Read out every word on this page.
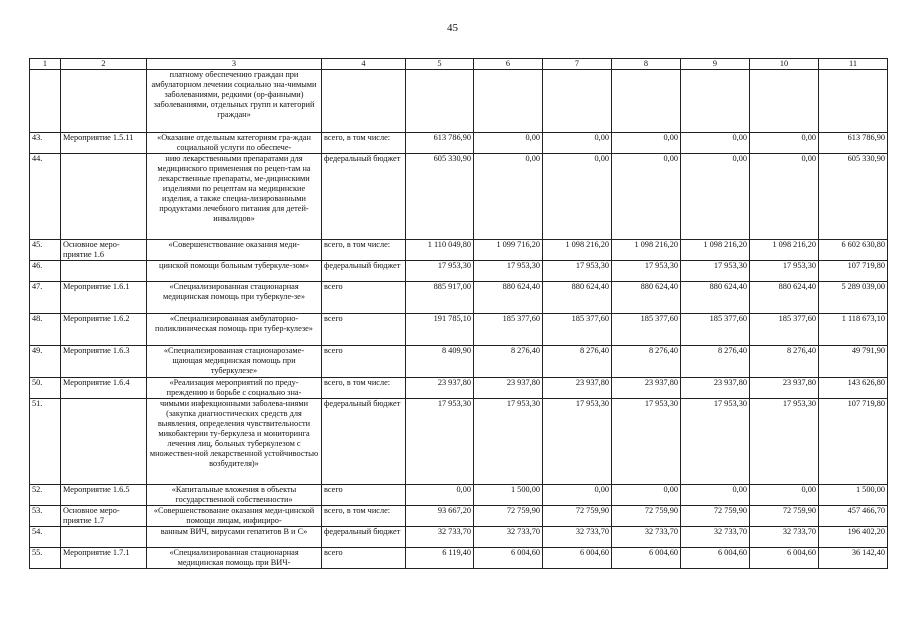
45
1	2	3	4	5	6	7	8	9	10	11
		платному обеспечению граждан при амбулаторном лечении социально зна-чимыми заболеваниями, редкими (ор-фанными) заболеваниями, отдельных групп и категорий граждан»								
43.	Мероприятие 1.5.11	«Оказание отдельным категориям гра-ждан социальной услуги по обеспече-	всего, в том числе:	613 786,90	0,00	0,00	0,00	0,00	0,00	613 786,90
44.		нию лекарственными препаратами для медицинского применения по рецеп-там на лекарственные препараты, ме-дицинскими изделиями по рецептам на медицинские изделия, а также специа-лизированными продуктами лечебного питания для детей-инвалидов»	федеральный бюджет	605 330,90	0,00	0,00	0,00	0,00	0,00	605 330,90
45.	Основное меро-приятие 1.6	«Совершенствование оказания меди-	всего, в том числе:	1 110 049,80	1 099 716,20	1 098 216,20	1 098 216,20	1 098 216,20	1 098 216,20	6 602 630,80
46.		цинской помощи больным туберкуле-зом»	федеральный бюджет	17 953,30	17 953,30	17 953,30	17 953,30	17 953,30	17 953,30	107 719,80
47.	Мероприятие 1.6.1	«Специализированная стационарная медицинская помощь при туберкуле-зе»	всего	885 917,00	880 624,40	880 624,40	880 624,40	880 624,40	880 624,40	5 289 039,00
48.	Мероприятие 1.6.2	«Специализированная амбулаторно-поликлиническая помощь при тубер-кулезе»	всего	191 785,10	185 377,60	185 377,60	185 377,60	185 377,60	185 377,60	1 118 673,10
49.	Мероприятие 1.6.3	«Специализированная стационарозаме-щающая медицинская помощь при туберкулезе»	всего	8 409,90	8 276,40	8 276,40	8 276,40	8 276,40	8 276,40	49 791,90
50.	Мероприятие 1.6.4	«Реализация мероприятий по преду-преждению и борьбе с социально зна-	всего, в том числе:	23 937,80	23 937,80	23 937,80	23 937,80	23 937,80	23 937,80	143 626,80
51.		чимыми инфекционными заболева-ниями (закупка диагностических средств для выявления, определения чувствительности микобактерии ту-беркулеза и мониторинга лечения лиц, больных туберкулезом с множествен-ной лекарственной устойчивостью возбудителя)»	федеральный бюджет	17 953,30	17 953,30	17 953,30	17 953,30	17 953,30	17 953,30	107 719,80
52.	Мероприятие 1.6.5	«Капитальные вложения в объекты государственной собственности»	всего	0,00	1 500,00	0,00	0,00	0,00	0,00	1 500,00
53.	Основное меро-приятие 1.7	«Совершенствование оказания меди-цинской помощи лицам, инфициро-	всего, в том числе:	93 667,20	72 759,90	72 759,90	72 759,90	72 759,90	72 759,90	457 466,70
54.		ванным ВИЧ, вирусами гепатитов В и С»	федеральный бюджет	32 733,70	32 733,70	32 733,70	32 733,70	32 733,70	32 733,70	196 402,20
55.	Мероприятие 1.7.1	«Специализированная стационарная медицинская помощь при ВИЧ-	всего	6 119,40	6 004,60	6 004,60	6 004,60	6 004,60	6 004,60	36 142,40
